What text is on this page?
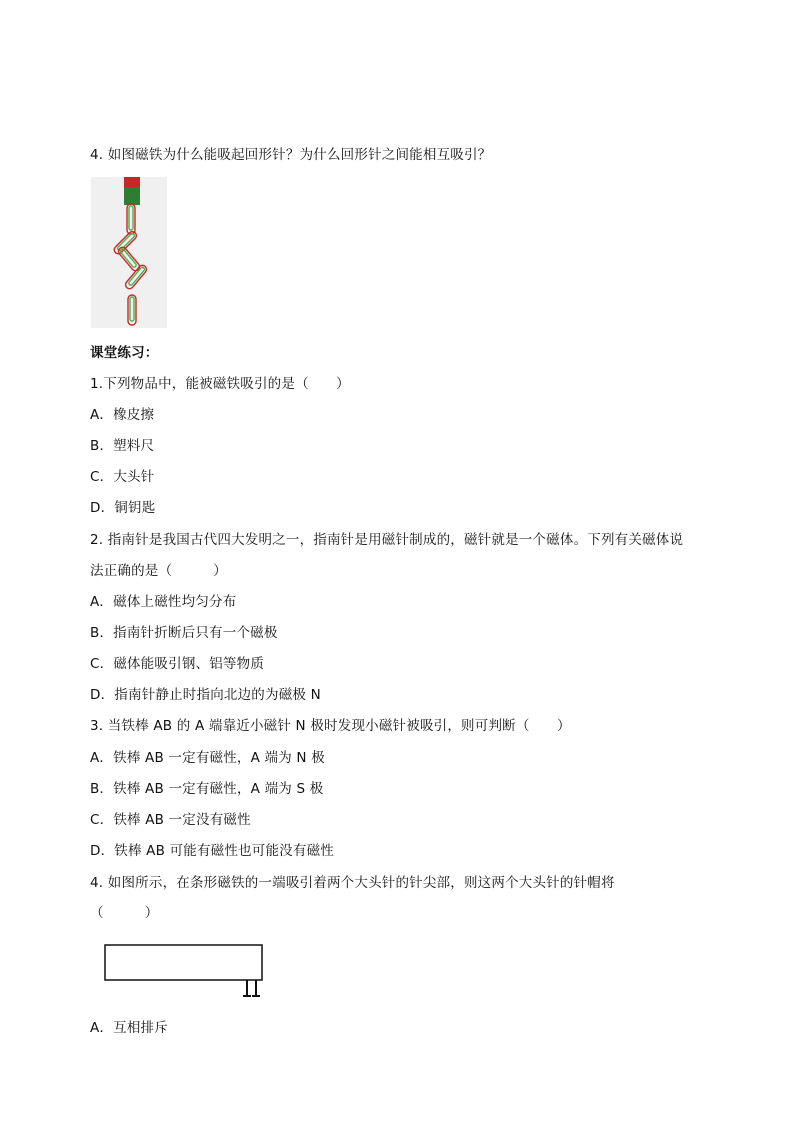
4. 如图磁铁为什么能吸起回形针？为什么回形针之间能相互吸引？
课堂练习：
1.下列物品中，能被磁铁吸引的是（　　）
A．橡皮擦
B．塑料尺
C．大头针
D．铜钥匙
2. 指南针是我国古代四大发明之一，指南针是用磁针制成的，磁针就是一个磁体。下列有关磁体说
法正确的是（　　　）
A．磁体上磁性均匀分布
B．指南针折断后只有一个磁极
C．磁体能吸引钢、铝等物质
D．指南针静止时指向北边的为磁极 N
3. 当铁棒 AB 的 A 端靠近小磁针 N 极时发现小磁针被吸引，则可判断（　　）
A．铁棒 AB 一定有磁性，A 端为 N 极
B．铁棒 AB 一定有磁性，A 端为 S 极
C．铁棒 AB 一定没有磁性
D．铁棒 AB 可能有磁性也可能没有磁性
4. 如图所示，在条形磁铁的一端吸引着两个大头针的针尖部，则这两个大头针的针帽将
（　　　）
A．互相排斥
